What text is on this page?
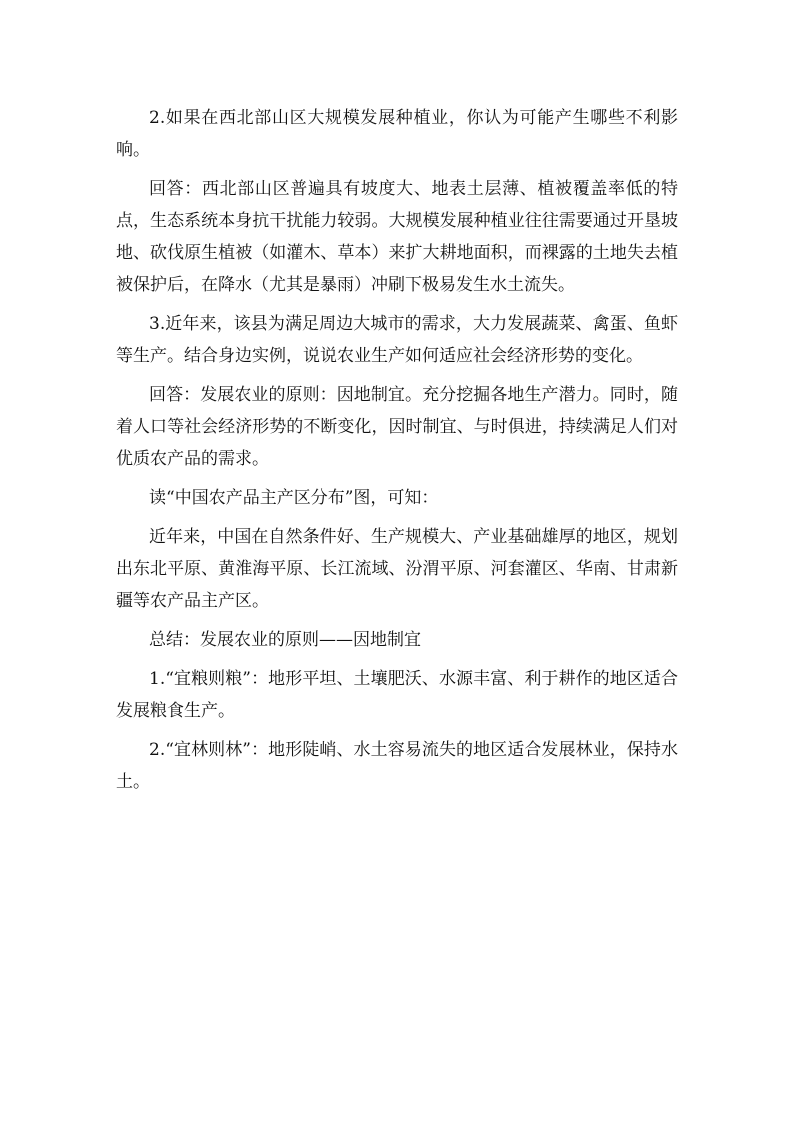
2.如果在西北部山区大规模发展种植业，你认为可能产生哪些不利影响。

回答：西北部山区普遍具有坡度大、地表土层薄、植被覆盖率低的特点，生态系统本身抗干扰能力较弱。大规模发展种植业往往需要通过开垦坡地、砍伐原生植被（如灌木、草本）来扩大耕地面积，而裸露的土地失去植被保护后，在降水（尤其是暴雨）冲刷下极易发生水土流失。

3.近年来，该县为满足周边大城市的需求，大力发展蔬菜、禽蛋、鱼虾等生产。结合身边实例，说说农业生产如何适应社会经济形势的变化。

回答：发展农业的原则：因地制宜。充分挖掘各地生产潜力。同时，随着人口等社会经济形势的不断变化，因时制宜、与时俱进，持续满足人们对优质农产品的需求。

读“中国农产品主产区分布”图，可知：

近年来，中国在自然条件好、生产规模大、产业基础雄厚的地区，规划出东北平原、黄淮海平原、长江流域、汾渭平原、河套灌区、华南、甘肃新疆等农产品主产区。

总结：发展农业的原则——因地制宜

1.“宜粮则粮”：地形平坦、土壤肥沃、水源丰富、利于耕作的地区适合发展粮食生产。

2.“宜林则林”：地形陡峭、水土容易流失的地区适合发展林业，保持水土。
